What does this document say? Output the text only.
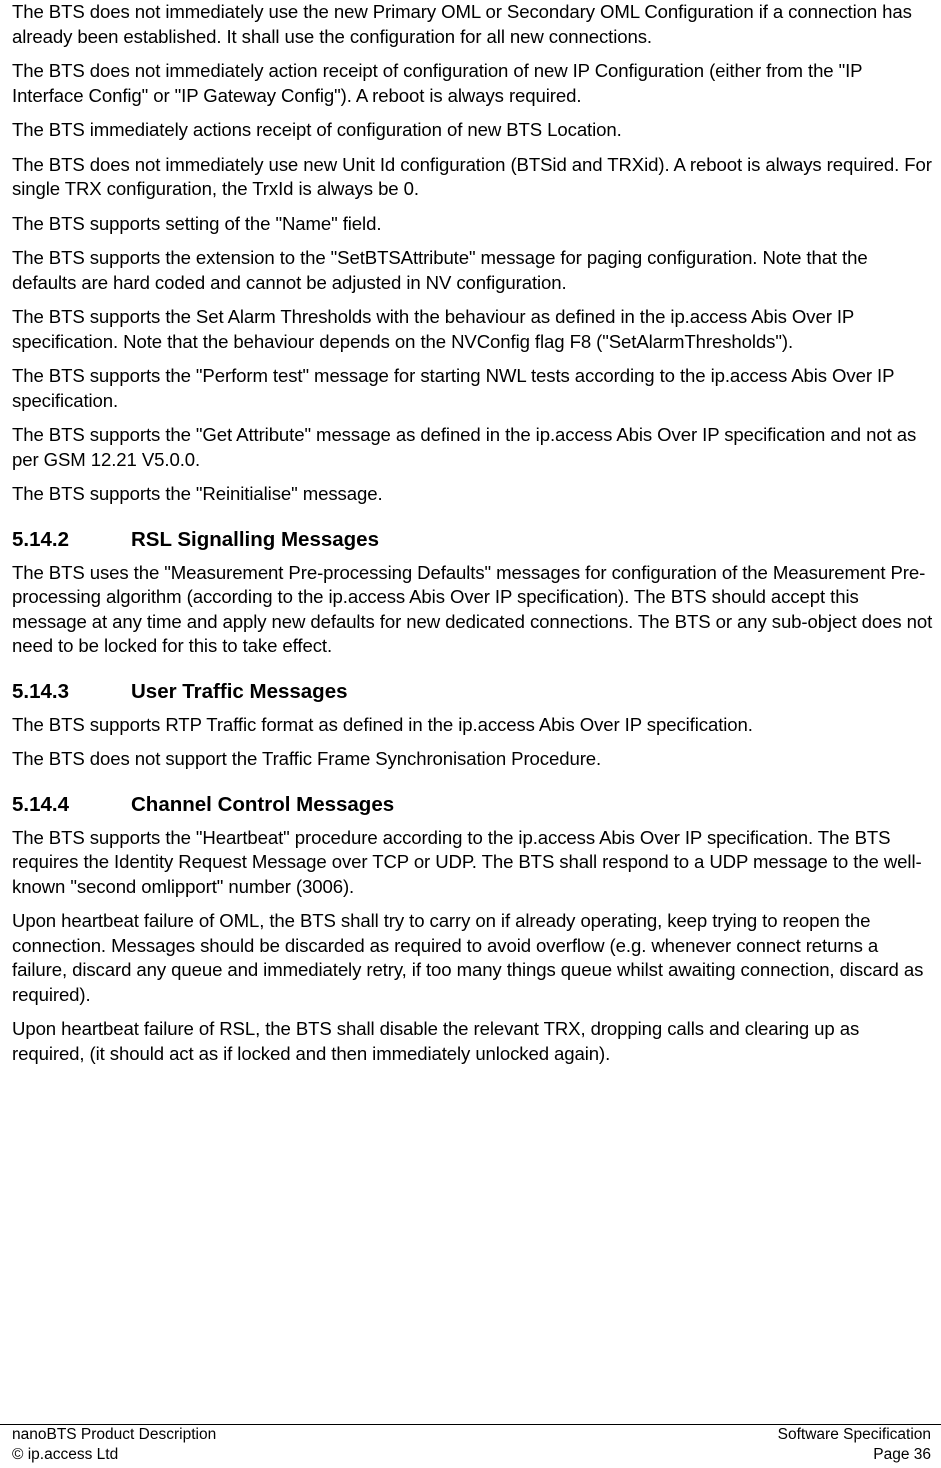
The BTS does not immediately use the new Primary OML or Secondary OML Configuration if a connection has already been established. It shall use the configuration for all new connections.

The BTS does not immediately action receipt of configuration of new IP Configuration (either from the "IP Interface Config" or "IP Gateway Config"). A reboot is always required.

The BTS immediately actions receipt of configuration of new BTS Location.

The BTS does not immediately use new Unit Id configuration (BTSid and TRXid). A reboot is always required. For single TRX configuration, the TrxId is always be 0.

The BTS supports setting of the "Name" field.

The BTS supports the extension to the "SetBTSAttribute" message for paging configuration. Note that the defaults are hard coded and cannot be adjusted in NV configuration.

The BTS supports the Set Alarm Thresholds with the behaviour as defined in the ip.access Abis Over IP specification. Note that the behaviour depends on the NVConfig flag F8 ("SetAlarmThresholds").

The BTS supports the "Perform test" message for starting NWL tests according to the ip.access Abis Over IP specification.

The BTS supports the "Get Attribute" message as defined in the ip.access Abis Over IP specification and not as per GSM 12.21 V5.0.0.

The BTS supports the "Reinitialise" message.

5.14.2	RSL Signalling Messages

The BTS uses the "Measurement Pre-processing Defaults" messages for configuration of the Measurement Pre-processing algorithm (according to the ip.access Abis Over IP specification). The BTS should accept this message at any time and apply new defaults for new dedicated connections. The BTS or any sub-object does not need to be locked for this to take effect.

5.14.3	User Traffic Messages

The BTS supports RTP Traffic format as defined in the ip.access Abis Over IP specification.

The BTS does not support the Traffic Frame Synchronisation Procedure.

5.14.4	Channel Control Messages

The BTS supports the "Heartbeat" procedure according to the ip.access Abis Over IP specification. The BTS requires the Identity Request Message over TCP or UDP. The BTS shall respond to a UDP message to the well-known "second omlipport" number (3006).

Upon heartbeat failure of OML, the BTS shall try to carry on if already operating, keep trying to reopen the connection. Messages should be discarded as required to avoid overflow (e.g. whenever connect returns a failure, discard any queue and immediately retry, if too many things queue whilst awaiting connection, discard as required).

Upon heartbeat failure of RSL, the BTS shall disable the relevant TRX, dropping calls and clearing up as required, (it should act as if locked and then immediately unlocked again).

nanoBTS Product Description	Software Specification
© ip.access Ltd	Page 36
